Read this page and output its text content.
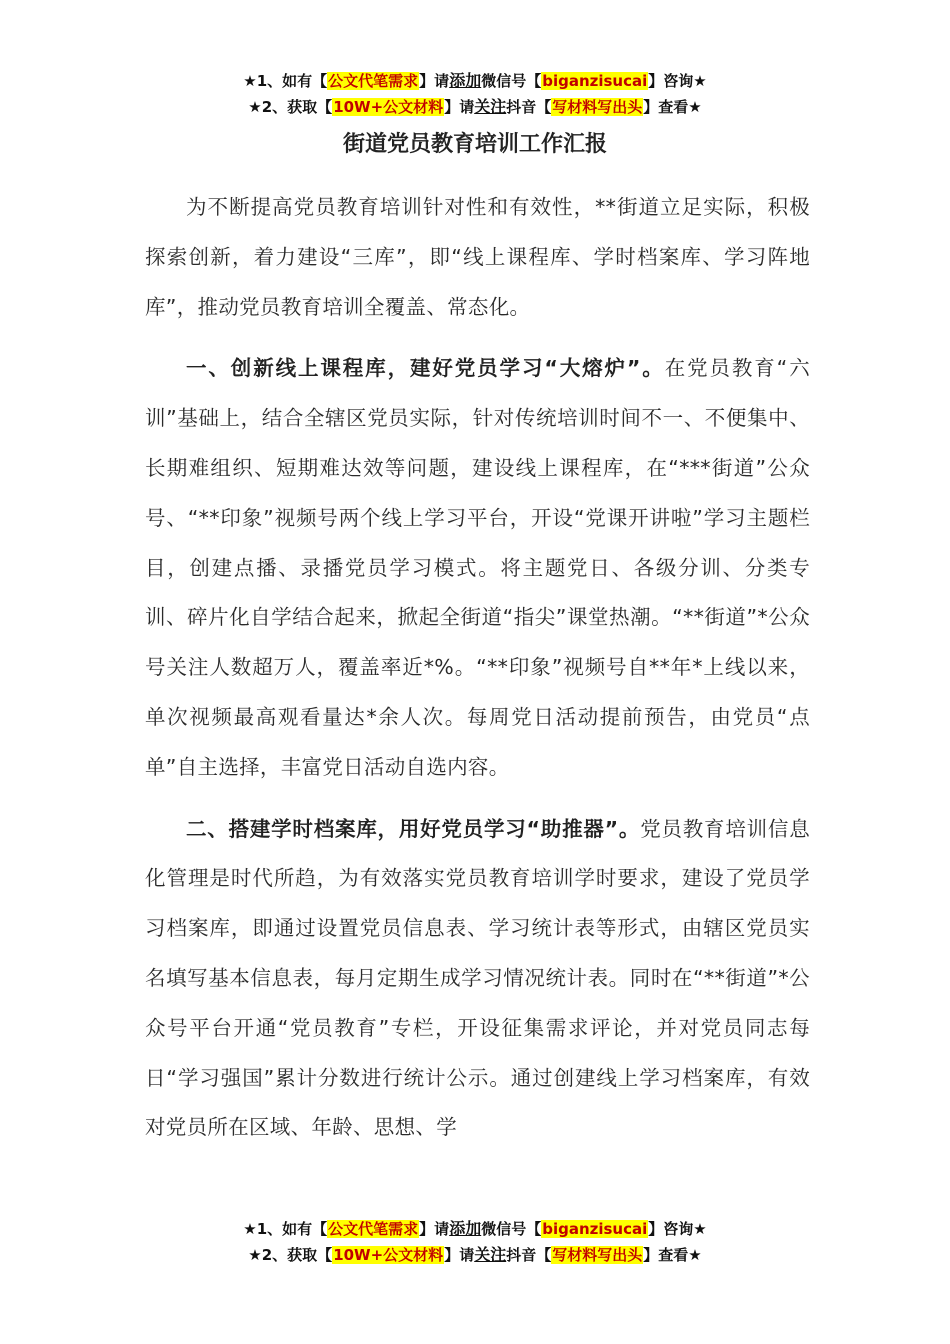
★1、如有【公文代笔需求】请添加微信号【biganzisucai】咨询★
★2、获取【10W+公文材料】请关注抖音【写材料写出头】查看★
街道党员教育培训工作汇报

为不断提高党员教育培训针对性和有效性，**街道立足实际，积极探索创新，着力建设“三库”，即“线上课程库、学时档案库、学习阵地库”，推动党员教育培训全覆盖、常态化。

一、创新线上课程库，建好党员学习“大熔炉”。在党员教育“六训”基础上，结合全辖区党员实际，针对传统培训时间不一、不便集中、长期难组织、短期难达效等问题，建设线上课程库，在“***街道”公众号、“**印象”视频号两个线上学习平台，开设“党课开讲啦”学习主题栏目，创建点播、录播党员学习模式。将主题党日、各级分训、分类专训、碎片化自学结合起来，掀起全街道“指尖”课堂热潮。“**街道”*公众号关注人数超万人，覆盖率近*%。“**印象”视频号自**年*上线以来，单次视频最高观看量达*余人次。每周党日活动提前预告，由党员“点单”自主选择，丰富党日活动自选内容。

二、搭建学时档案库，用好党员学习“助推器”。党员教育培训信息化管理是时代所趋，为有效落实党员教育培训学时要求，建设了党员学习档案库，即通过设置党员信息表、学习统计表等形式，由辖区党员实名填写基本信息表，每月定期生成学习情况统计表。同时在“**街道”*公众号平台开通“党员教育”专栏，开设征集需求评论，并对党员同志每日“学习强国”累计分数进行统计公示。通过创建线上学习档案库，有效对党员所在区域、年龄、思想、学

★1、如有【公文代笔需求】请添加微信号【biganzisucai】咨询★
★2、获取【10W+公文材料】请关注抖音【写材料写出头】查看★
